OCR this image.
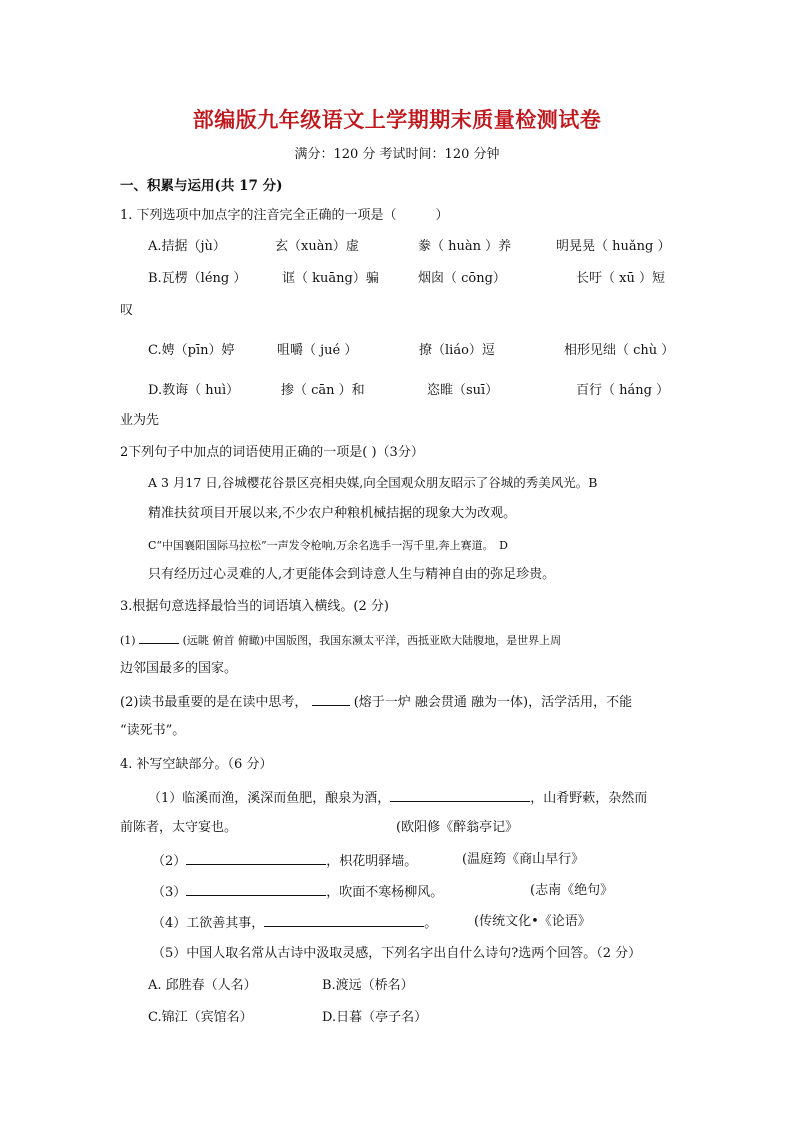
部编版九年级语文上学期期末质量检测试卷
满分：120 分 考试时间：120 分钟
一、积累与运用(共 17 分)
1. 下列选项中加点字的注音完全正确的一项是（　　　）
A.拮据（jù）	玄（xuàn）虚	豢（ huàn ）养	明晃晃（ huǎng ）
B.瓦楞（léng ）	诓（ kuāng）骗	烟囱（ cōng）	长吁（ xū ）短
叹
C.娉（pīn）婷	咀嚼（ jué ）	撩（liáo）逗	相形见绌（ chù ）
D.教诲（ huì）	掺（ cān ）和	恣睢（suī）	百行（ háng ）
业为先
2下列句子中加点的词语使用正确的一项是( )（3分）
A 3 月17 日,谷城樱花谷景区亮相央媒,向全国观众朋友昭示了谷城的秀美风光。B
精准扶贫项目开展以来,不少农户种粮机械拮据的现象大为改观。
C“中国襄阳国际马拉松”一声发令枪响,万余名选手一泻千里,奔上赛道。　D
只有经历过心灵难的人,才更能体会到诗意人生与精神自由的弥足珍贵。
3.根据句意选择最恰当的词语填入横线。(2 分)
(1)	(远眺 俯首 俯瞰)中国版图，我国东濒太平洋，西抵亚欧大陆腹地，是世界上周
边邻国最多的国家。
(2)读书最重要的是在读中思考，	(熔于一炉 融会贯通 融为一体)，活学活用，不能
“读死书”。
4. 补写空缺部分。（6 分）
（1）临溪而渔，溪深而鱼肥，酿泉为酒，	，山肴野蔌，杂然而
前陈者，太守宴也。	(欧阳修《醉翁亭记》
（2）	，枳花明驿墙。	(温庭筠《商山早行》
（3）	，吹面不寒杨柳风。	(志南《绝句》
（4）工欲善其事，	。	(传统文化•《论语》
（5）中国人取名常从古诗中汲取灵感，下列名字出自什么诗句?选两个回答。（2 分）
A. 邱胜春（人名）	B.渡远（桥名）
C.锦江（宾馆名）	D.日暮（亭子名）
